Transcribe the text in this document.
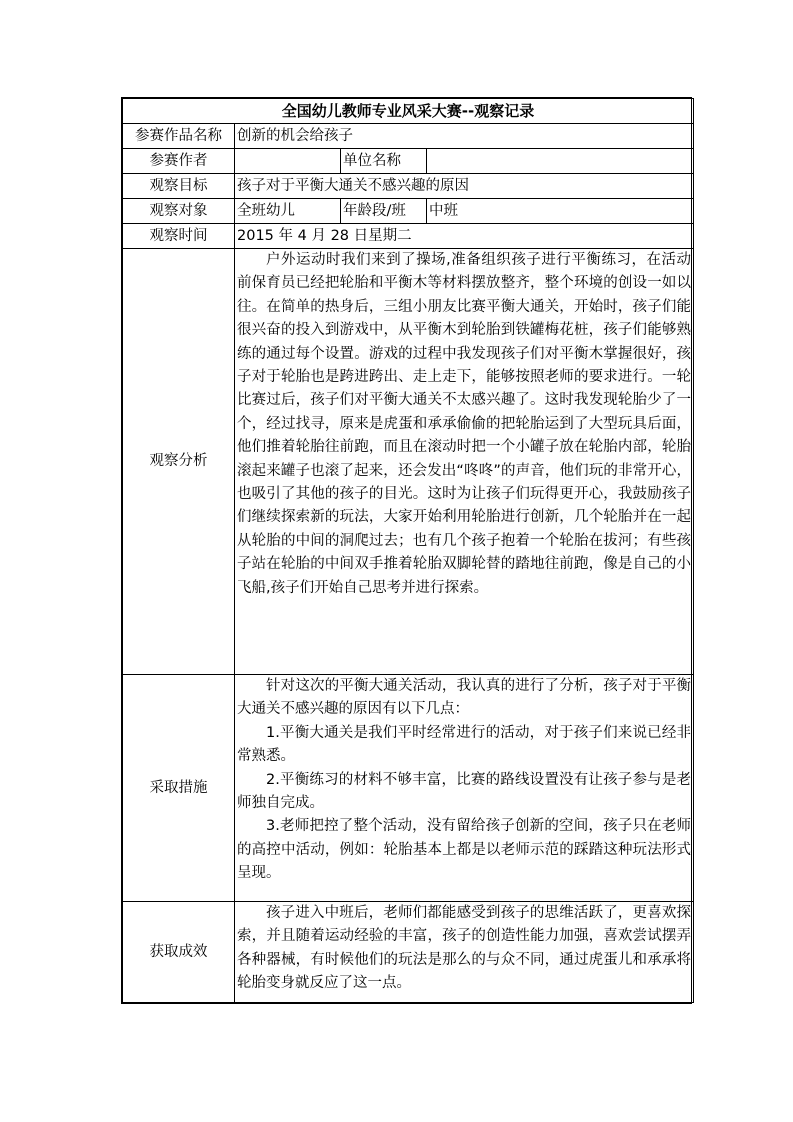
全国幼儿教师专业风采大赛--观察记录			
参赛作品名称	创新的机会给孩子		
参赛作者		单位名称	
观察目标	孩子对于平衡大通关不感兴趣的原因		
观察对象	全班幼儿	年龄段/班	中班
观察时间	2015 年 4 月 28 日星期二		
观察分析	户外运动时我们来到了操场,准备组织孩子进行平衡练习，在活动前保育员已经把轮胎和平衡木等材料摆放整齐，整个环境的创设一如以往。在简单的热身后，三组小朋友比赛平衡大通关，开始时，孩子们能很兴奋的投入到游戏中，从平衡木到轮胎到铁罐梅花桩，孩子们能够熟练的通过每个设置。游戏的过程中我发现孩子们对平衡木掌握很好，孩子对于轮胎也是跨进跨出、走上走下，能够按照老师的要求进行。一轮比赛过后，孩子们对平衡大通关不太感兴趣了。这时我发现轮胎少了一个，经过找寻，原来是虎蛋和承承偷偷的把轮胎运到了大型玩具后面，他们推着轮胎往前跑，而且在滚动时把一个小罐子放在轮胎内部，轮胎滚起来罐子也滚了起来，还会发出“咚咚”的声音，他们玩的非常开心，也吸引了其他的孩子的目光。这时为让孩子们玩得更开心，我鼓励孩子们继续探索新的玩法，大家开始利用轮胎进行创新，几个轮胎并在一起从轮胎的中间的洞爬过去；也有几个孩子抱着一个轮胎在拔河；有些孩子站在轮胎的中间双手推着轮胎双脚轮替的踏地往前跑，像是自己的小飞船,孩子们开始自己思考并进行探索。		

采取措施	针对这次的平衡大通关活动，我认真的进行了分析，孩子对于平衡大通关不感兴趣的原因有以下几点：

1.平衡大通关是我们平时经常进行的活动，对于孩子们来说已经非常熟悉。

2.平衡练习的材料不够丰富，比赛的路线设置没有让孩子参与是老师独自完成。

3.老师把控了整个活动，没有留给孩子创新的空间，孩子只在老师的高控中活动，例如：轮胎基本上都是以老师示范的踩踏这种玩法形式呈现。		

获取成效	孩子进入中班后，老师们都能感受到孩子的思维活跃了，更喜欢探索，并且随着运动经验的丰富，孩子的创造性能力加强，喜欢尝试摆弄各种器械，有时候他们的玩法是那么的与众不同，通过虎蛋儿和承承将轮胎变身就反应了这一点。		
